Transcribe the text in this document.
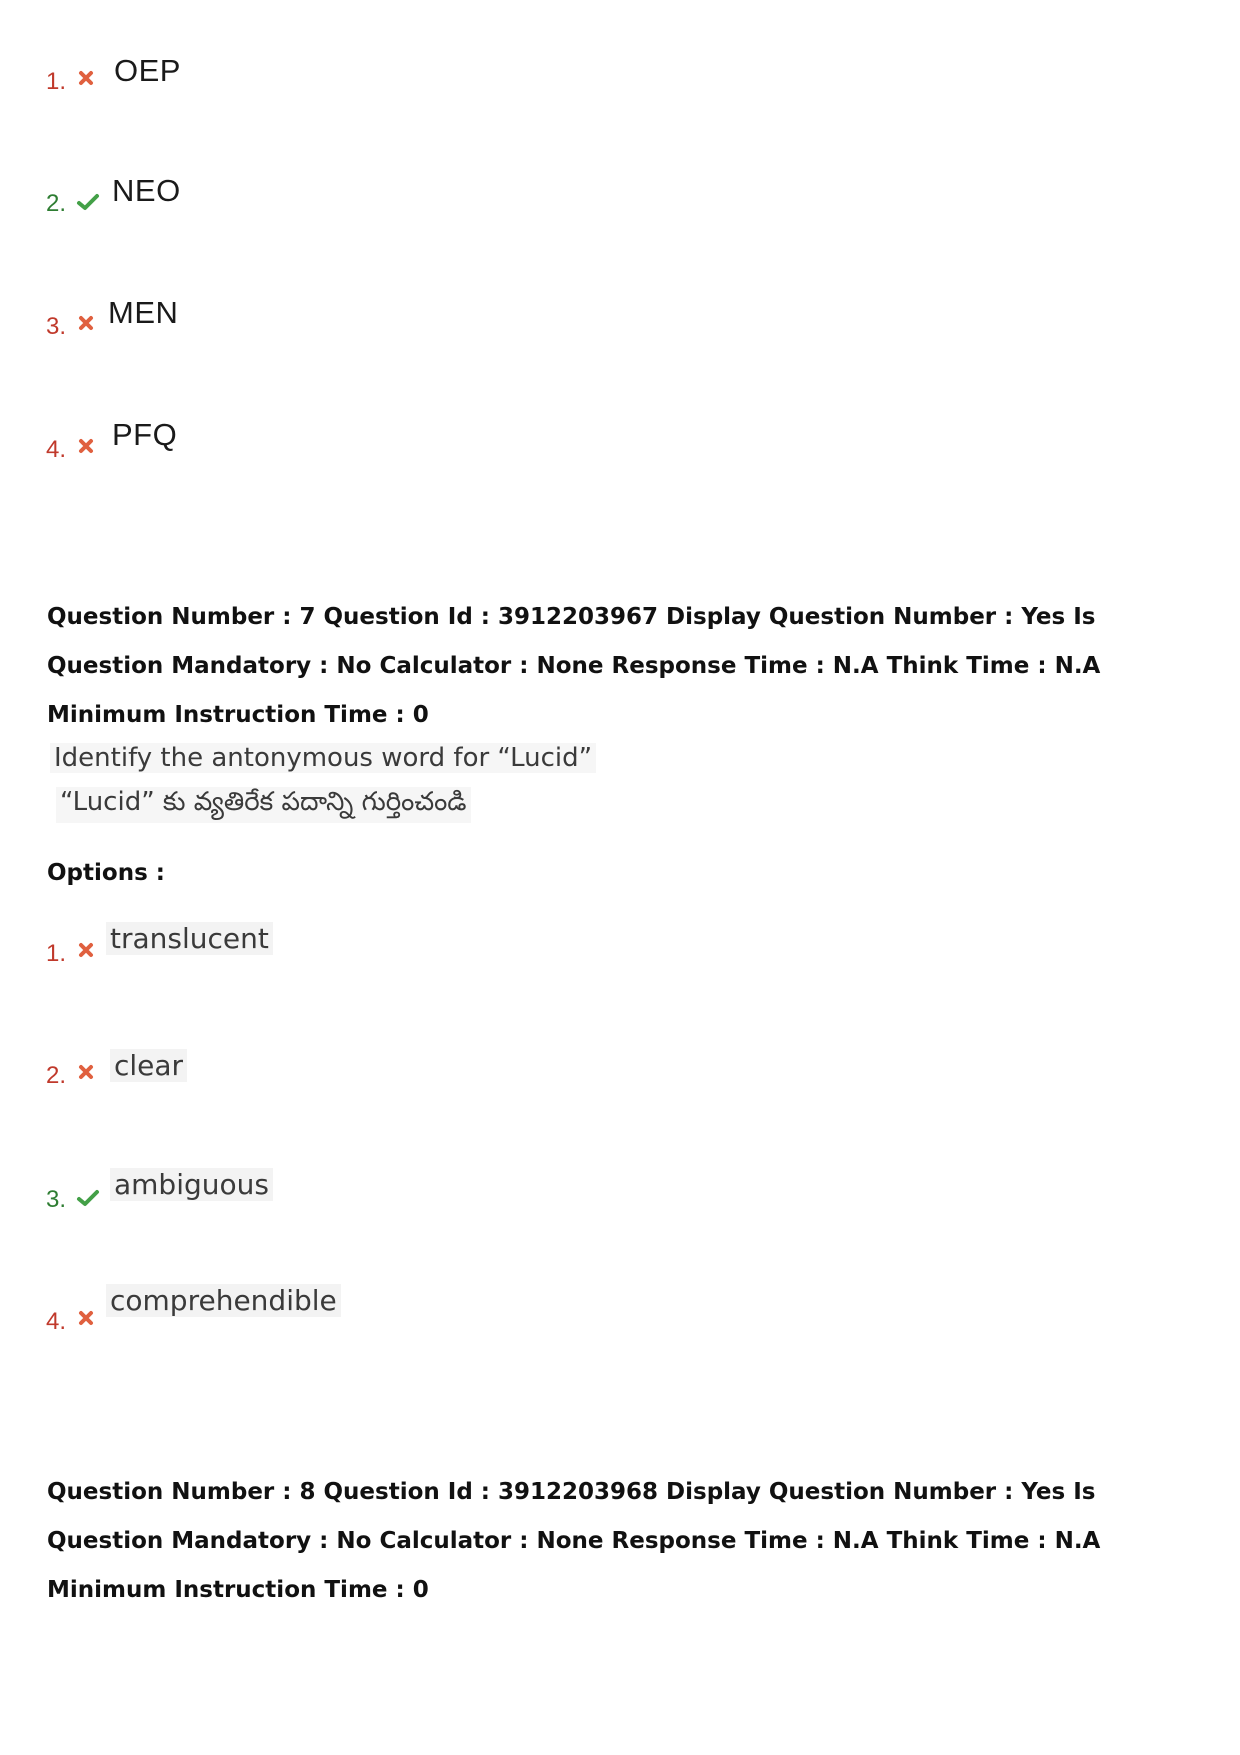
1. OEP
2. NEO
3. MEN
4. PFQ
Question Number : 7 Question Id : 3912203967 Display Question Number : Yes Is Question Mandatory : No Calculator : None Response Time : N.A Think Time : N.A Minimum Instruction Time : 0
Identify the antonymous word for “Lucid”
“Lucid” కు వ్యతిరేక పదాన్ని గుర్తించండి
Options :
1. translucent
2. clear
3. ambiguous
4.
comprehendible
Question Number : 8 Question Id : 3912203968 Display Question Number : Yes Is Question Mandatory : No Calculator : None Response Time : N.A Think Time : N.A Minimum Instruction Time : 0
